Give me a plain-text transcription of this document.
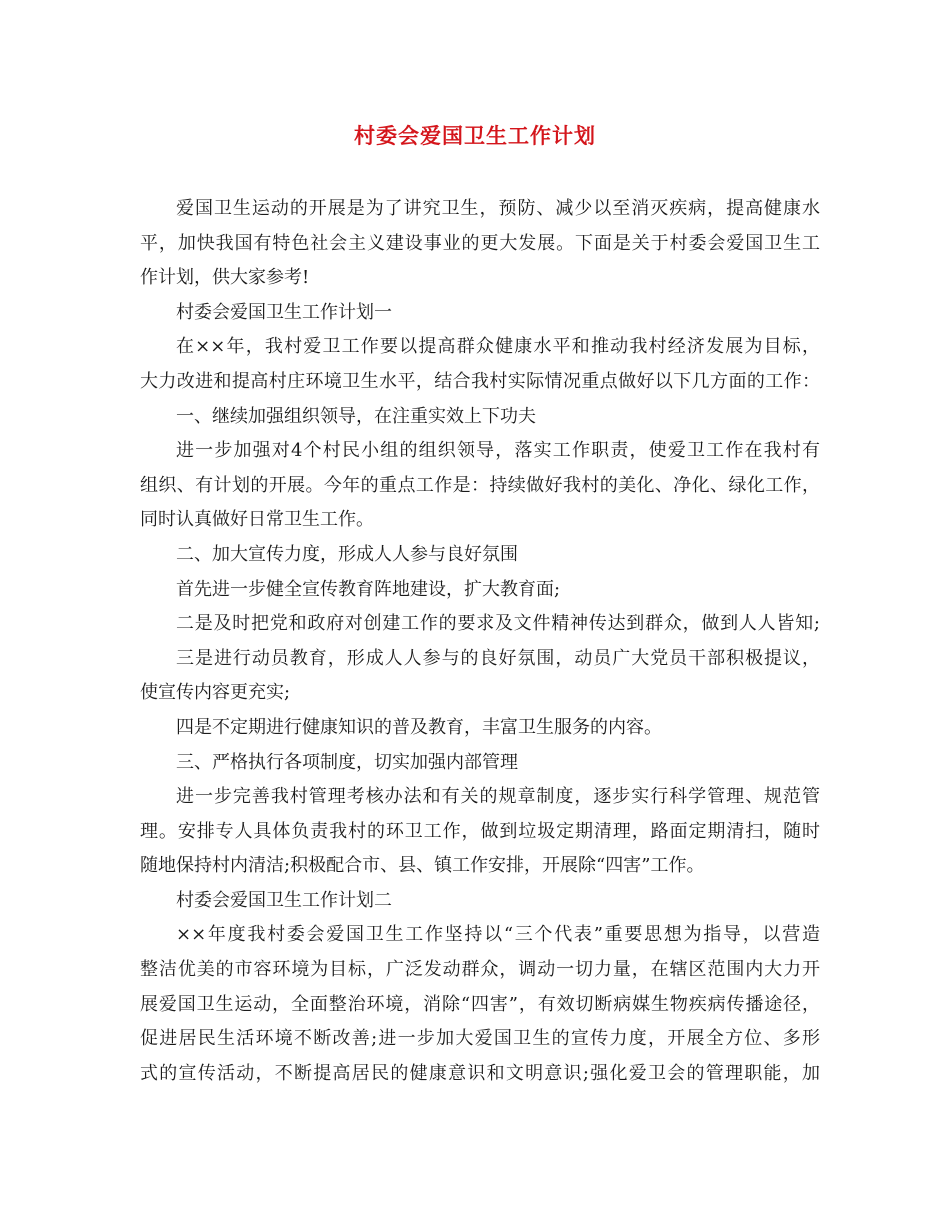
村委会爱国卫生工作计划
爱国卫生运动的开展是为了讲究卫生，预防、减少以至消灭疾病，提高健康水
平，加快我国有特色社会主义建设事业的更大发展。下面是关于村委会爱国卫生工
作计划，供大家参考!
村委会爱国卫生工作计划一
在××年，我村爱卫工作要以提高群众健康水平和推动我村经济发展为目标，
大力改进和提高村庄环境卫生水平，结合我村实际情况重点做好以下几方面的工作：
一、继续加强组织领导，在注重实效上下功夫
进一步加强对4个村民小组的组织领导，落实工作职责，使爱卫工作在我村有
组织、有计划的开展。今年的重点工作是：持续做好我村的美化、净化、绿化工作，
同时认真做好日常卫生工作。
二、加大宣传力度，形成人人参与良好氛围
首先进一步健全宣传教育阵地建设，扩大教育面;
二是及时把党和政府对创建工作的要求及文件精神传达到群众，做到人人皆知;
三是进行动员教育，形成人人参与的良好氛围，动员广大党员干部积极提议，
使宣传内容更充实;
四是不定期进行健康知识的普及教育，丰富卫生服务的内容。
三、严格执行各项制度，切实加强内部管理
进一步完善我村管理考核办法和有关的规章制度，逐步实行科学管理、规范管
理。安排专人具体负责我村的环卫工作，做到垃圾定期清理，路面定期清扫，随时
随地保持村内清洁;积极配合市、县、镇工作安排，开展除“四害”工作。
村委会爱国卫生工作计划二
××年度我村委会爱国卫生工作坚持以“三个代表”重要思想为指导，以营造
整洁优美的市容环境为目标，广泛发动群众，调动一切力量，在辖区范围内大力开
展爱国卫生运动，全面整治环境，消除“四害”，有效切断病媒生物疾病传播途径，
促进居民生活环境不断改善;进一步加大爱国卫生的宣传力度，开展全方位、多形
式的宣传活动，不断提高居民的健康意识和文明意识;强化爱卫会的管理职能，加
